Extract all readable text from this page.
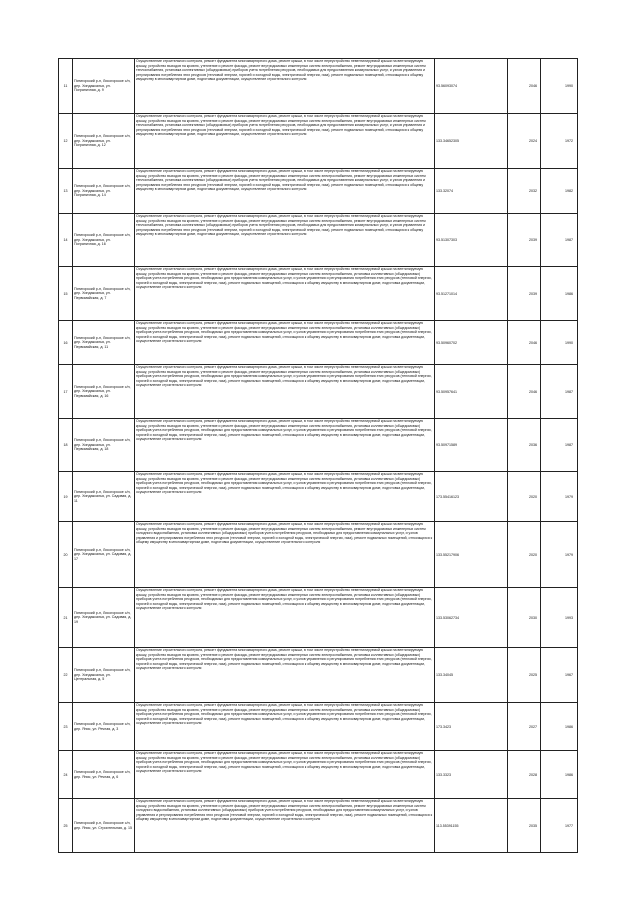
11	Пятигорский р-н, Лисогорское с/п, дер. Хиндаксалья, ул. Пограничная, д. 9	Осуществление строительного контроля, ремонт фундамента многоквартирного дома, ремонт крыши, в том числе переустройство невентилируемой крыши на вентилируемую крышу, устройство выходов на кровлю, утепление и ремонт фасада, ремонт внутридомовых инженерных систем электроснабжения, ремонт внутридомовых инженерных систем теплоснабжения, установка коллективных (общедомовых) приборов учета потребления ресурсов, необходимых для предоставления коммунальных услуг, и узлов управления и регулирования потребления этих ресурсов (тепловой энергии, горячей и холодной воды, электрической энергии, газа), ремонт подвальных помещений, относящихся к общему имуществу в многоквартирном доме, подготовка документации, осуществление строительного контроля	93.56093074	2046	1990
12	Пятигорский р-н, Лисогорское с/п, дер. Хиндаксалья, ул. Пограничная, д. 12	Осуществление строительного контроля, ремонт фундамента многоквартирного дома, ремонт крыши, в том числе переустройство невентилируемой крыши на вентилируемую крышу, устройство выходов на кровлю, утепление и ремонт фасада, ремонт внутридомовых инженерных систем электроснабжения, ремонт внутридомовых инженерных систем теплоснабжения, установка коллективных (общедомовых) приборов учета потребления ресурсов, необходимых для предоставления коммунальных услуг, и узлов управления и регулирования потребления этих ресурсов (тепловой энергии, горячей и холодной воды, электрической энергии, газа), ремонт подвальных помещений, относящихся к общему имуществу в многоквартирном доме, подготовка документации, осуществление строительного контроля	133.34652305	2024	1972
13	Пятигорский р-н, Лисогорское с/п, дер. Хиндаксалья, ул. Пограничная, д. 14	Осуществление строительного контроля, ремонт фундамента многоквартирного дома, ремонт крыши, в том числе переустройство невентилируемой крыши на вентилируемую крышу, устройство выходов на кровлю, утепление и ремонт фасада, ремонт внутридомовых инженерных систем электроснабжения, ремонт внутридомовых инженерных систем теплоснабжения, установка коллективных (общедомовых) приборов учета потребления ресурсов, необходимых для предоставления коммунальных услуг, и узлов управления и регулирования потребления этих ресурсов (тепловой энергии, горячей и холодной воды, электрической энергии, газа), ремонт подвальных помещений, относящихся к общему имуществу в многоквартирном доме, подготовка документации, осуществление строительного контроля	133.32074	2032	1982
14	Пятигорский р-н, Лисогорское с/п, дер. Хиндаксалья, ул. Пограничная, д. 16	Осуществление строительного контроля, ремонт фундамента многоквартирного дома, ремонт крыши, в том числе переустройство невентилируемой крыши на вентилируемую крышу, устройство выходов на кровлю, утепление и ремонт фасада, ремонт внутридомовых инженерных систем электроснабжения, ремонт внутридомовых инженерных систем теплоснабжения, установка коллективных (общедомовых) приборов учета потребления ресурсов, необходимых для предоставления коммунальных услуг, и узлов управления и регулирования потребления этих ресурсов (тепловой энергии, горячей и холодной воды, электрической энергии, газа), ремонт подвальных помещений, относящихся к общему имуществу в многоквартирном доме, подготовка документации, осуществление строительного контроля	93.51307303	2039	1987
15	Пятигорский р-н, Лисогорское с/п, дер. Хиндаксалья, ул. Первомайская, д. 7	Осуществление строительного контроля, ремонт фундамента многоквартирного дома, ремонт крыши, в том числе переустройство невентилируемой крыши на вентилируемую крышу, устройство выходов на кровлю, утепление и ремонт фасада, ремонт внутридомовых инженерных систем электроснабжения, установка коллективных (общедомовых) приборов учета потребления ресурсов, необходимых для предоставления коммунальных услуг, и узлов управления и регулирования потребления этих ресурсов (тепловой энергии, горячей и холодной воды, электрической энергии, газа), ремонт подвальных помещений, относящихся к общему имуществу в многоквартирном доме, подготовка документации, осуществление строительного контроля	93.51271014	2039	1986
16	Пятигорский р-н, Лисогорское с/п, дер. Хиндаксалья, ул. Первомайская, д. 11	Осуществление строительного контроля, ремонт фундамента многоквартирного дома, ремонт крыши, в том числе переустройство невентилируемой крыши на вентилируемую крышу, устройство выходов на кровлю, утепление и ремонт фасада, ремонт внутридомовых инженерных систем электроснабжения, установка коллективных (общедомовых) приборов учета потребления ресурсов, необходимых для предоставления коммунальных услуг, и узлов управления и регулирования потребления этих ресурсов (тепловой энергии, горячей и холодной воды, электрической энергии, газа), ремонт подвальных помещений, относящихся к общему имуществу в многоквартирном доме, подготовка документации, осуществление строительного контроля	93.50960702	2046	1990
17	Пятигорский р-н, Лисогорское с/п, дер. Хиндаксалья, ул. Первомайская, д. 16	Осуществление строительного контроля, ремонт фундамента многоквартирного дома, ремонт крыши, в том числе переустройство невентилируемой крыши на вентилируемую крышу, устройство выходов на кровлю, утепление и ремонт фасада, ремонт внутридомовых инженерных систем электроснабжения, установка коллективных (общедомовых) приборов учета потребления ресурсов, необходимых для предоставления коммунальных услуг, и узлов управления и регулирования потребления этих ресурсов (тепловой энергии, горячей и холодной воды, электрической энергии, газа), ремонт подвальных помещений, относящихся к общему имуществу в многоквартирном доме, подготовка документации, осуществление строительного контроля	93.50957641	2046	1987
18	Пятигорский р-н, Лисогорское с/п, дер. Хиндаксалья, ул. Первомайская, д. 18	Осуществление строительного контроля, ремонт фундамента многоквартирного дома, ремонт крыши, в том числе переустройство невентилируемой крыши на вентилируемую крышу, устройство выходов на кровлю, утепление и ремонт фасада, ремонт внутридомовых инженерных систем электроснабжения, установка коллективных (общедомовых) приборов учета потребления ресурсов, необходимых для предоставления коммунальных услуг, и узлов управления и регулирования потребления этих ресурсов (тепловой энергии, горячей и холодной воды, электрической энергии, газа), ремонт подвальных помещений, относящихся к общему имуществу в многоквартирном доме, подготовка документации, осуществление строительного контроля	93.50971589	2036	1987
19	Пятигорский р-н, Лисогорское с/п, дер. Хиндаксалья, ул. Садовая, д. 11	Осуществление строительного контроля, ремонт фундамента многоквартирного дома, ремонт крыши, в том числе переустройство невентилируемой крыши на вентилируемую крышу, устройство выходов на кровлю, утепление и ремонт фасада, ремонт внутридомовых инженерных систем электроснабжения, установка коллективных (общедомовых) приборов учета потребления ресурсов, необходимых для предоставления коммунальных услуг, и узлов управления и регулирования потребления этих ресурсов (тепловой энергии, горячей и холодной воды, электрической энергии, газа), ремонт подвальных помещений, относящихся к общему имуществу в многоквартирном доме, подготовка документации, осуществление строительного контроля	173.55416123	2020	1979
20	Пятигорский р-н, Лисогорское с/п, дер. Хиндаксалья, ул. Садовая, д. 17	Осуществление строительного контроля, ремонт фундамента многоквартирного дома, ремонт крыши, в том числе переустройство невентилируемой крыши на вентилируемую крышу, устройство выходов на кровлю, утепление и ремонт фасада, ремонт внутридомовых инженерных систем электроснабжения, ремонт внутридомовых инженерных систем холодного водоснабжения, установка коллективных (общедомовых) приборов учета потребления ресурсов, необходимых для предоставления коммунальных услуг, и узлов управления и регулирования потребления этих ресурсов (тепловой энергии, горячей и холодной воды, электрической энергии, газа), ремонт подвальных помещений, относящихся к общему имуществу в многоквартирном доме, подготовка документации, осуществление строительного контроля	133.55217906	2020	1979
21	Пятигорский р-н, Лисогорское с/п, дер. Хиндаксалья, ул. Садовая, д. 19	Осуществление строительного контроля, ремонт фундамента многоквартирного дома, ремонт крыши, в том числе переустройство невентилируемой крыши на вентилируемую крышу, устройство выходов на кровлю, утепление и ремонт фасада, ремонт внутридомовых инженерных систем электроснабжения, установка коллективных (общедомовых) приборов учета потребления ресурсов, необходимых для предоставления коммунальных услуг, и узлов управления и регулирования потребления этих ресурсов (тепловой энергии, горячей и холодной воды, электрической энергии, газа), ремонт подвальных помещений, относящихся к общему имуществу в многоквартирном доме, подготовка документации, осуществление строительного контроля	133.53062734	2030	1993
22	Пятигорский р-н, Лисогорское с/п, дер. Хиндаксалья, ул. Центральная, д. 5	Осуществление строительного контроля, ремонт фундамента многоквартирного дома, ремонт крыши, в том числе переустройство невентилируемой крыши на вентилируемую крышу, устройство выходов на кровлю, утепление и ремонт фасада, ремонт внутридомовых инженерных систем электроснабжения, установка коллективных (общедомовых) приборов учета потребления ресурсов, необходимых для предоставления коммунальных услуг, и узлов управления и регулирования потребления этих ресурсов (тепловой энергии, горячей и холодной воды, электрической энергии, газа), ремонт подвальных помещений, относящихся к общему имуществу в многоквартирном доме, подготовка документации, осуществление строительного контроля	133.34045	2025	1967
23	Пятигорский р-н, Лисогорское с/п, дер. Янис, ул. Речная, д. 3	Осуществление строительного контроля, ремонт фундамента многоквартирного дома, ремонт крыши, в том числе переустройство невентилируемой крыши на вентилируемую крышу, устройство выходов на кровлю, утепление и ремонт фасада, ремонт внутридомовых инженерных систем электроснабжения, установка коллективных (общедомовых) приборов учета потребления ресурсов, необходимых для предоставления коммунальных услуг, и узлов управления и регулирования потребления этих ресурсов (тепловой энергии, горячей и холодной воды, электрической энергии, газа), ремонт подвальных помещений, относящихся к общему имуществу в многоквартирном доме, подготовка документации, осуществление строительного контроля	173.3423	2027	1986
24	Пятигорский р-н, Лисогорское с/п, дер. Янис, ул. Речная, д. 6	Осуществление строительного контроля, ремонт фундамента многоквартирного дома, ремонт крыши, в том числе переустройство невентилируемой крыши на вентилируемую крышу, устройство выходов на кровлю, утепление и ремонт фасада, ремонт внутридомовых инженерных систем электроснабжения, установка коллективных (общедомовых) приборов учета потребления ресурсов, необходимых для предоставления коммунальных услуг, и узлов управления и регулирования потребления этих ресурсов (тепловой энергии, горячей и холодной воды, электрической энергии, газа), ремонт подвальных помещений, относящихся к общему имуществу в многоквартирном доме, подготовка документации, осуществление строительного контроля	133.3323	2028	1986
25	Пятигорский р-н, Лисогорское с/п, дер. Янис, ул. Строительная, д. 15	Осуществление строительного контроля, ремонт фундамента многоквартирного дома, ремонт крыши, в том числе переустройство невентилируемой крыши на вентилируемую крышу, устройство выходов на кровлю, утепление и ремонт фасада, ремонт внутридомовых инженерных систем электроснабжения, ремонт внутридомовых инженерных систем холодного водоснабжения, установка коллективных (общедомовых) приборов учета потребления ресурсов, необходимых для предоставления коммунальных услуг, и узлов управления и регулирования потребления этих ресурсов (тепловой энергии, горячей и холодной воды, электрической энергии, газа), ремонт подвальных помещений, относящихся к общему имуществу в многоквартирном доме, подготовка документации, осуществление строительного контроля	113.55391155	2035	1977
